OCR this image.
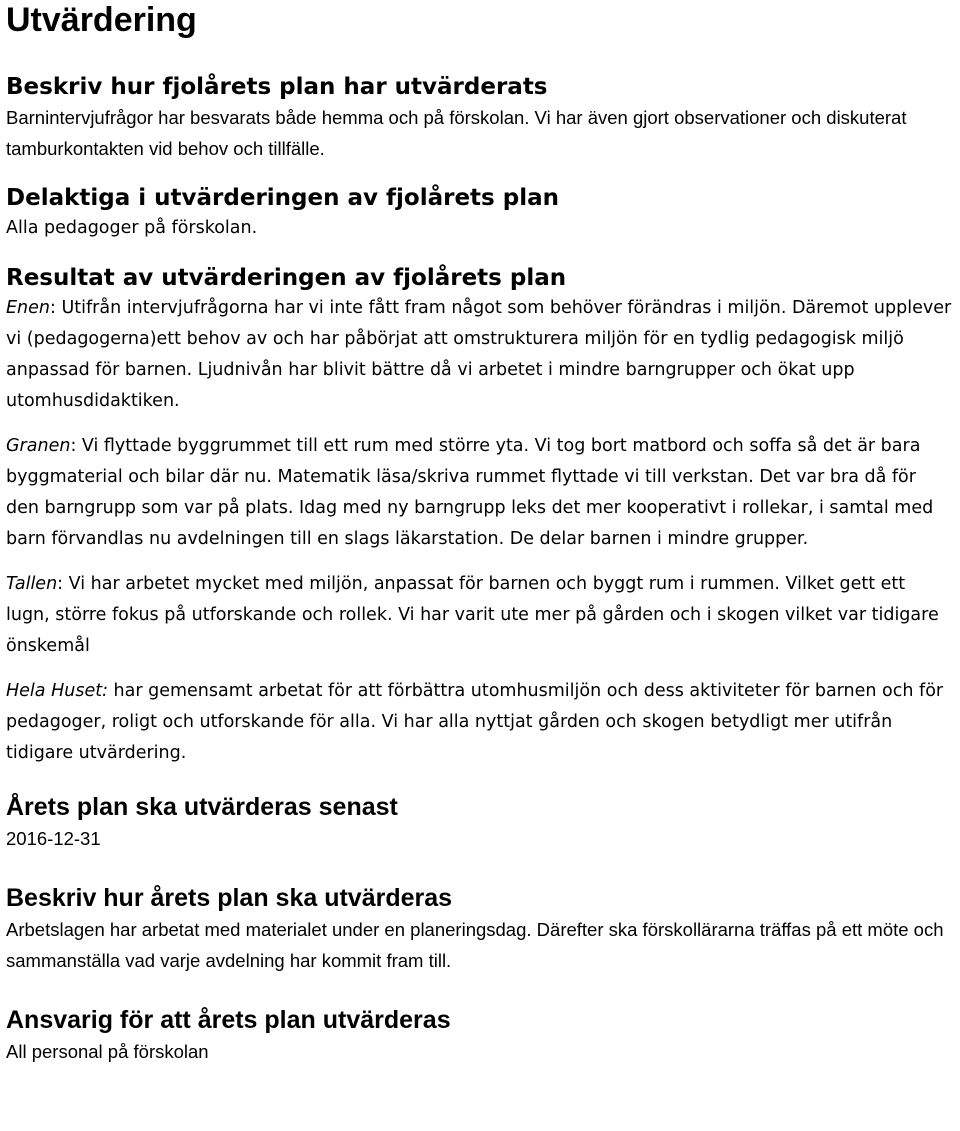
Utvärdering
Beskriv hur fjolårets plan har utvärderats

Barnintervjufrågor har besvarats både hemma och på förskolan. Vi har även gjort observationer och diskuterat tamburkontakten vid behov och tillfälle.

Delaktiga i utvärderingen av fjolårets plan

Alla pedagoger på förskolan.

Resultat av utvärderingen av fjolårets plan

Enen: Utifrån intervjufrågorna har vi inte fått fram något som behöver förändras i miljön. Däremot upplever vi (pedagogerna)ett behov av och har påbörjat att omstrukturera miljön för en tydlig pedagogisk miljö anpassad för barnen. Ljudnivån har blivit bättre då vi arbetet i mindre barngrupper och ökat upp utomhusdidaktiken.

Granen: Vi flyttade byggrummet till ett rum med större yta. Vi tog bort matbord och soffa så det är bara byggmaterial och bilar där nu. Matematik läsa/skriva rummet flyttade vi till verkstan. Det var bra då för den barngrupp som var på plats. Idag med ny barngrupp leks det mer kooperativt i rollekar, i samtal med barn förvandlas nu avdelningen till en slags läkarstation. De delar barnen i mindre grupper.

Tallen: Vi har arbetet mycket med miljön, anpassat för barnen och byggt rum i rummen. Vilket gett ett lugn, större fokus på utforskande och rollek. Vi har varit ute mer på gården och i skogen vilket var tidigare önskemål

Hela Huset: har gemensamt arbetat för att förbättra utomhusmiljön och dess aktiviteter för barnen och för pedagoger, roligt och utforskande för alla. Vi har alla nyttjat gården och skogen betydligt mer utifrån tidigare utvärdering.

Årets plan ska utvärderas senast

2016-12-31

Beskriv hur årets plan ska utvärderas

Arbetslagen har arbetat med materialet under en planeringsdag. Därefter ska förskollärarna träffas på ett möte och sammanställa vad varje avdelning har kommit fram till.

Ansvarig för att årets plan utvärderas

All personal på förskolan
